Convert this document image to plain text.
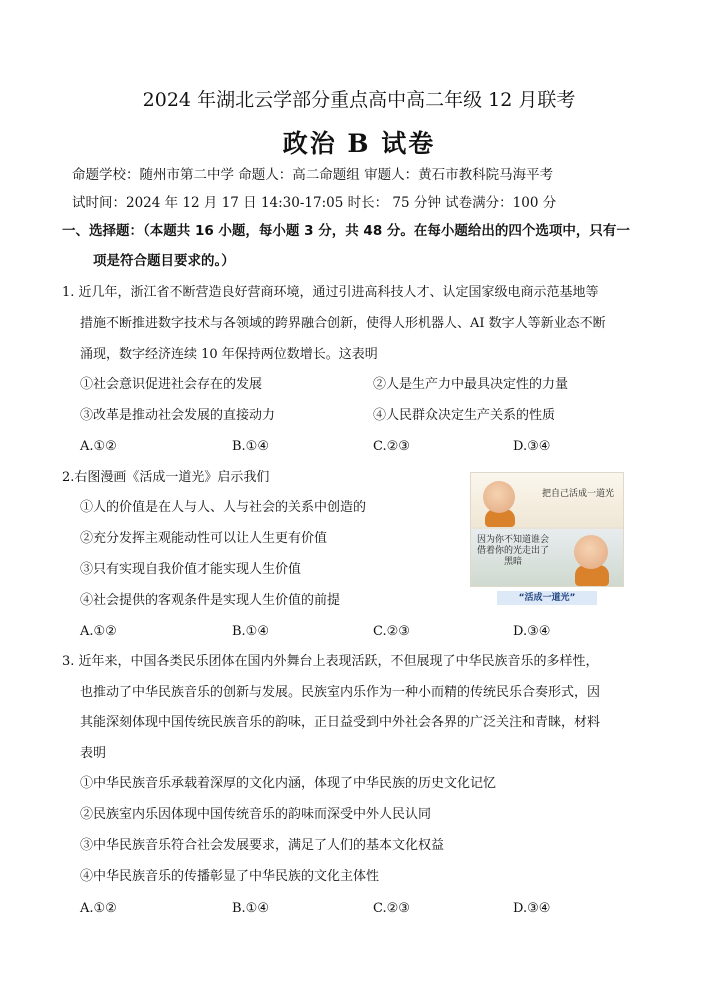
2024 年湖北云学部分重点高中高二年级 12 月联考
政治 B 试卷
命题学校：随州市第二中学 命题人：高二命题组 审题人：黄石市教科院马海平考
试时间：2024 年 12 月 17 日 14:30-17:05 时长： 75 分钟 试卷满分：100 分
一、选择题：（本题共 16 小题，每小题 3 分，共 48 分。在每小题给出的四个选项中，只有一
项是符合题目要求的。）
1. 近几年，浙江省不断营造良好营商环境，通过引进高科技人才、认定国家级电商示范基地等
措施不断推进数字技术与各领域的跨界融合创新，使得人形机器人、AI 数字人等新业态不断
涌现，数字经济连续 10 年保持两位数增长。这表明
①社会意识促进社会存在的发展	②人是生产力中最具决定性的力量
③改革是推动社会发展的直接动力	④人民群众决定生产关系的性质
A.①②	B.①④	C.②③	D.③④
2.右图漫画《活成一道光》启示我们
①人的价值是在人与人、人与社会的关系中创造的
②充分发挥主观能动性可以让人生更有价值
③只有实现自我价值才能实现人生价值
④社会提供的客观条件是实现人生价值的前提
A.①②	B.①④	C.②③	D.③④
把自己活成一道光
因为你不知道谁会借着你的光走出了黑暗
“活成一道光”
3. 近年来，中国各类民乐团体在国内外舞台上表现活跃，不但展现了中华民族音乐的多样性，
也推动了中华民族音乐的创新与发展。民族室内乐作为一种小而精的传统民乐合奏形式，因
其能深刻体现中国传统民族音乐的韵味，正日益受到中外社会各界的广泛关注和青睐，材料
表明
①中华民族音乐承载着深厚的文化内涵，体现了中华民族的历史文化记忆
②民族室内乐因体现中国传统音乐的韵味而深受中外人民认同
③中华民族音乐符合社会发展要求，满足了人们的基本文化权益
④中华民族音乐的传播彰显了中华民族的文化主体性
A.①②	B.①④	C.②③	D.③④
